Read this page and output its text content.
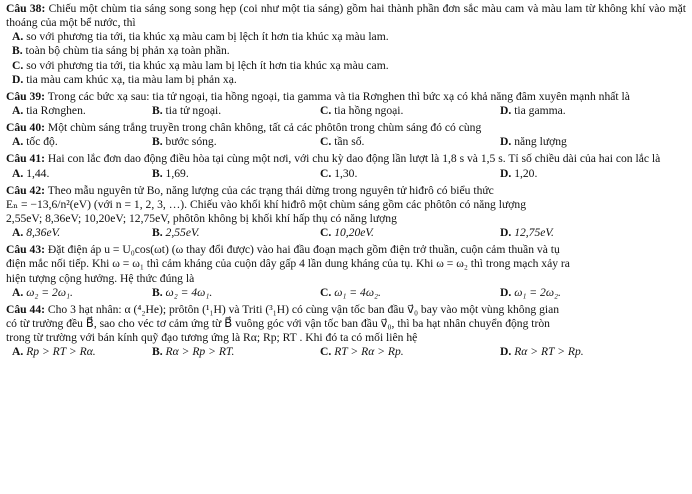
Câu 38: Chiếu một chùm tia sáng song song hẹp (coi như một tia sáng) gồm hai thành phần đơn sắc màu cam và màu lam từ không khí vào mặt thoáng của một bể nước, thì

A. so với phương tia tới, tia khúc xạ màu cam bị lệch ít hơn tia khúc xạ màu lam.

B. toàn bộ chùm tia sáng bị phản xạ toàn phần.

C. so với phương tia tới, tia khúc xạ màu lam bị lệch ít hơn tia khúc xạ màu cam.

D. tia màu cam khúc xạ, tia màu lam bị phản xạ.

Câu 39: Trong các bức xạ sau: tia tử ngoại, tia hồng ngoại, tia gamma và tia Rơnghen thì bức xạ có khả năng đâm xuyên mạnh nhất là

A. tia Rơnghen.	B. tia tử ngoại.	C. tia hồng ngoại.	D. tia gamma.

Câu 40: Một chùm sáng trắng truyền trong chân không, tất cả các phôtôn trong chùm sáng đó có cùng

A. tốc độ.	B. bước sóng.	C. tần số.	D. năng lượng

Câu 41: Hai con lắc đơn dao động điều hòa tại cùng một nơi, với chu kỳ dao động lần lượt là 1,8 s và 1,5 s. Tỉ số chiều dài của hai con lắc là

A. 1,44.	B. 1,69.	C. 1,30.	D. 1,20.

Câu 42: Theo mẫu nguyên tử Bo, năng lượng của các trạng thái dừng trong nguyên tử hiđrô có biểu thức

Eₙ = −13,6/n²(eV) (với n = 1, 2, 3, …). Chiếu vào khối khí hiđrô một chùm sáng gồm các phôtôn có năng lượng

2,55eV; 8,36eV; 10,20eV; 12,75eV, phôtôn không bị khối khí hấp thụ có năng lượng

A. 8,36eV.	B. 2,55eV.	C. 10,20eV.	D. 12,75eV.

Câu 43: Đặt điện áp u = U₀cos(ωt) (ω thay đổi được) vào hai đầu đoạn mạch gồm điện trở thuần, cuộn cảm thuần và tụ

điện mắc nối tiếp. Khi ω = ω₁ thì cảm kháng của cuộn dây gấp 4 lần dung kháng của tụ. Khi ω = ω₂ thì trong mạch xảy ra

hiện tượng cộng hưởng. Hệ thức đúng là

A. ω₂ = 2ω₁.	B. ω₂ = 4ω₁.	C. ω₁ = 4ω₂.	D. ω₁ = 2ω₂.

Câu 44: Cho 3 hạt nhân: α (⁴₂He); prôtôn (¹₁H) và Triti (³₁H) có cùng vận tốc ban đầu v⃗₀ bay vào một vùng không gian

có từ trường đều B⃗, sao cho véc tơ cảm ứng từ B⃗ vuông góc với vận tốc ban đầu v⃗₀, thì ba hạt nhân chuyển động tròn

trong từ trường với bán kính quỹ đạo tương ứng là Rα; Rp; RT . Khi đó ta có mối liên hệ

A. Rp > RT > Rα.	B. Rα > Rp > RT.	C. RT > Rα > Rp.	D. Rα > RT > Rp.
